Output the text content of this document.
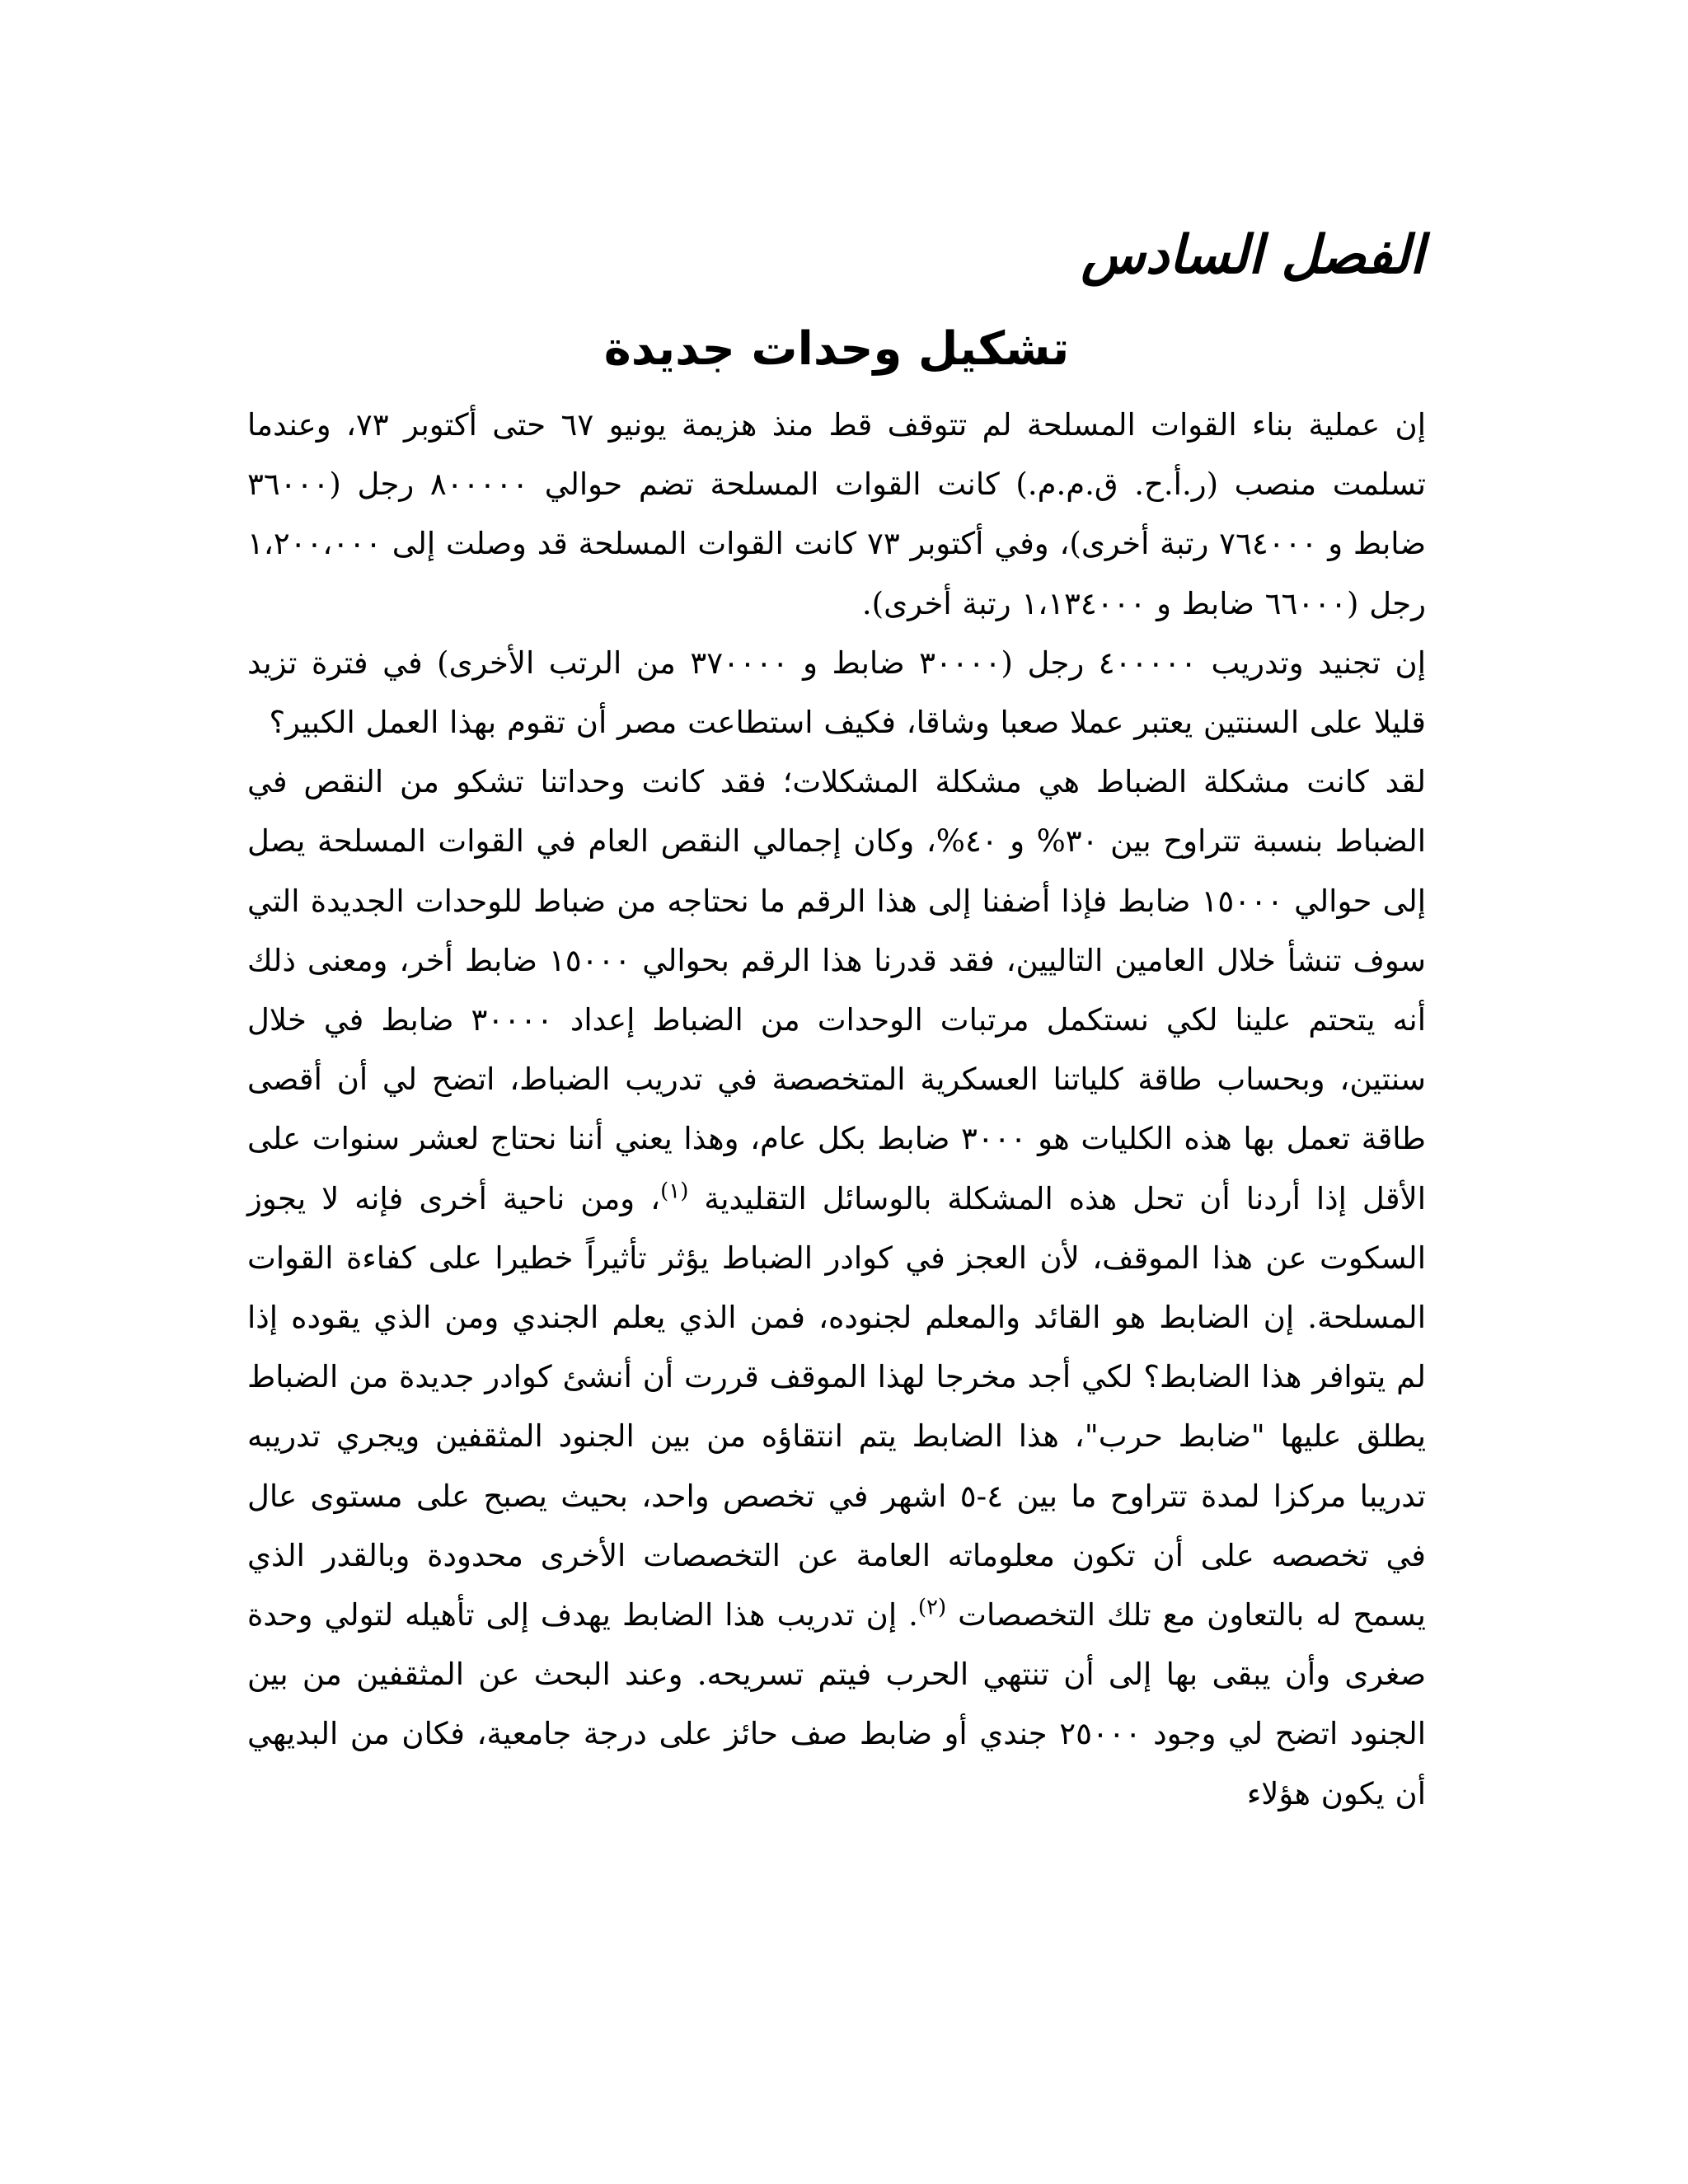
الفصل السادس
تشكيل وحدات جديدة

إن عملية بناء القوات المسلحة لم تتوقف قط منذ هزيمة يونيو ٦٧ حتى أكتوبر ٧٣، وعندما تسلمت منصب (ر.أ.ح. ق.م.م.) كانت القوات المسلحة تضم حوالي ٨٠٠٠٠٠ رجل (٣٦٠٠٠ ضابط و ٧٦٤٠٠٠ رتبة أخرى)، وفي أكتوبر ٧٣ كانت القوات المسلحة قد وصلت إلى ١،٢٠٠،٠٠٠ رجل (٦٦٠٠٠ ضابط و ١،١٣٤٠٠٠ رتبة أخرى).

إن تجنيد وتدريب ٤٠٠٠٠٠ رجل (٣٠٠٠٠ ضابط و ٣٧٠٠٠٠ من الرتب الأخرى) في فترة تزيد قليلا على السنتين يعتبر عملا صعبا وشاقا، فكيف استطاعت مصر أن تقوم بهذا العمل الكبير؟

لقد كانت مشكلة الضباط هي مشكلة المشكلات؛ فقد كانت وحداتنا تشكو من النقص في الضباط بنسبة تتراوح بين ٣٠% و ٤٠%، وكان إجمالي النقص العام في القوات المسلحة يصل إلى حوالي ١٥٠٠٠ ضابط فإذا أضفنا إلى هذا الرقم ما نحتاجه من ضباط للوحدات الجديدة التي سوف تنشأ خلال العامين التاليين، فقد قدرنا هذا الرقم بحوالي ١٥٠٠٠ ضابط أخر، ومعنى ذلك أنه يتحتم علينا لكي نستكمل مرتبات الوحدات من الضباط إعداد ٣٠٠٠٠ ضابط في خلال سنتين، وبحساب طاقة كلياتنا العسكرية المتخصصة في تدريب الضباط، اتضح لي أن أقصى طاقة تعمل بها هذه الكليات هو ٣٠٠٠ ضابط بكل عام، وهذا يعني أننا نحتاج لعشر سنوات على الأقل إذا أردنا أن تحل هذه المشكلة بالوسائل التقليدية $^{(١)}$، ومن ناحية أخرى فإنه لا يجوز السكوت عن هذا الموقف، لأن العجز في كوادر الضباط يؤثر تأثيراً خطيرا على كفاءة القوات المسلحة. إن الضابط هو القائد والمعلم لجنوده، فمن الذي يعلم الجندي ومن الذي يقوده إذا لم يتوافر هذا الضابط؟ لكي أجد مخرجا لهذا الموقف قررت أن أنشئ كوادر جديدة من الضباط يطلق عليها "ضابط حرب"، هذا الضابط يتم انتقاؤه من بين الجنود المثقفين ويجري تدريبه تدريبا مركزا لمدة تتراوح ما بين ٤-٥ اشهر في تخصص واحد، بحيث يصبح على مستوى عال في تخصصه على أن تكون معلوماته العامة عن التخصصات الأخرى محدودة وبالقدر الذي يسمح له بالتعاون مع تلك التخصصات $^{(٢)}$. إن تدريب هذا الضابط يهدف إلى تأهيله لتولي وحدة صغرى وأن يبقى بها إلى أن تنتهي الحرب فيتم تسريحه. وعند البحث عن المثقفين من بين الجنود اتضح لي وجود ٢٥٠٠٠ جندي أو ضابط صف حائز على درجة جامعية، فكان من البديهي أن يكون هؤلاء
